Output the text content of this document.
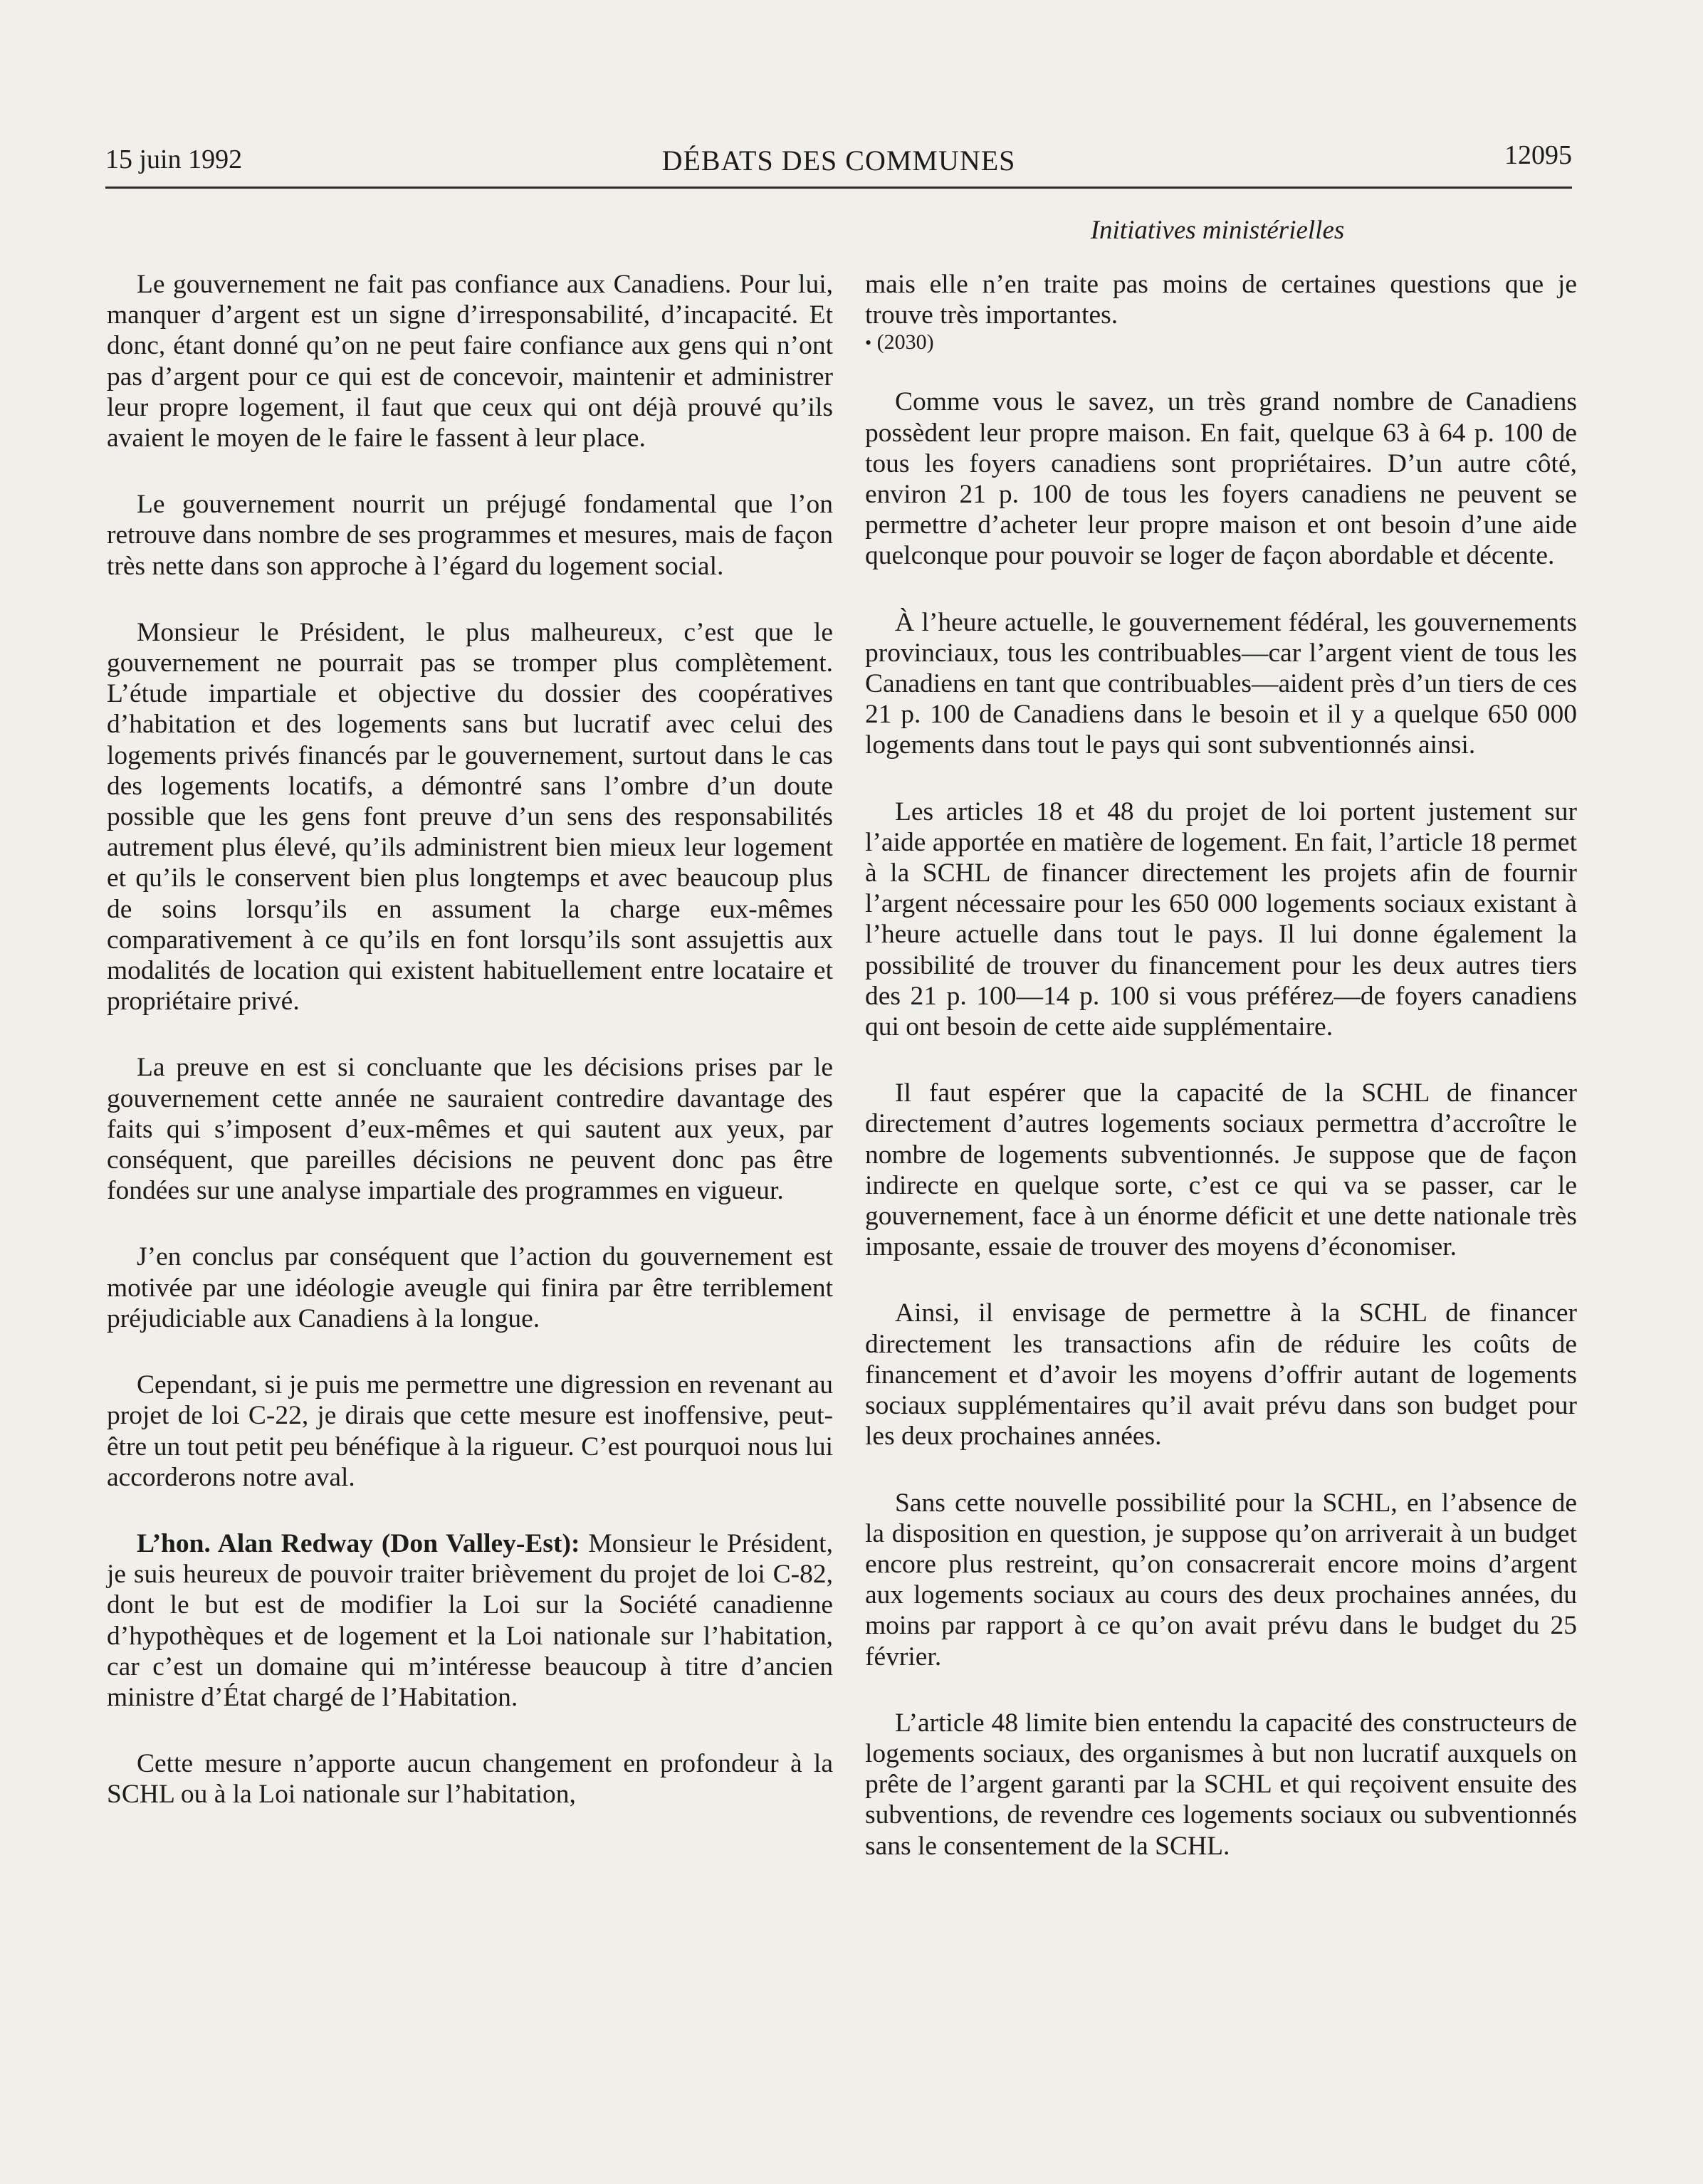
15 juin 1992	DÉBATS DES COMMUNES	12095
Initiatives ministérielles

Le gouvernement ne fait pas confiance aux Canadiens. Pour lui, manquer d’argent est un signe d’irresponsabilité, d’incapacité. Et donc, étant donné qu’on ne peut faire confiance aux gens qui n’ont pas d’argent pour ce qui est de concevoir, maintenir et administrer leur propre logement, il faut que ceux qui ont déjà prouvé qu’ils avaient le moyen de le faire le fassent à leur place.

Le gouvernement nourrit un préjugé fondamental que l’on retrouve dans nombre de ses programmes et mesures, mais de façon très nette dans son approche à l’égard du logement social.

Monsieur le Président, le plus malheureux, c’est que le gouvernement ne pourrait pas se tromper plus complètement. L’étude impartiale et objective du dossier des coopératives d’habitation et des logements sans but lucratif avec celui des logements privés financés par le gouvernement, surtout dans le cas des logements locatifs, a démontré sans l’ombre d’un doute possible que les gens font preuve d’un sens des responsabilités autrement plus élevé, qu’ils administrent bien mieux leur logement et qu’ils le conservent bien plus longtemps et avec beaucoup plus de soins lorsqu’ils en assument la charge eux-mêmes comparativement à ce qu’ils en font lorsqu’ils sont assujettis aux modalités de location qui existent habituellement entre locataire et propriétaire privé.

La preuve en est si concluante que les décisions prises par le gouvernement cette année ne sauraient contredire davantage des faits qui s’imposent d’eux-mêmes et qui sautent aux yeux, par conséquent, que pareilles décisions ne peuvent donc pas être fondées sur une analyse impartiale des programmes en vigueur.

J’en conclus par conséquent que l’action du gouvernement est motivée par une idéologie aveugle qui finira par être terriblement préjudiciable aux Canadiens à la longue.

Cependant, si je puis me permettre une digression en revenant au projet de loi C-22, je dirais que cette mesure est inoffensive, peut-être un tout petit peu bénéfique à la rigueur. C’est pourquoi nous lui accorderons notre aval.

L’hon. Alan Redway (Don Valley-Est): Monsieur le Président, je suis heureux de pouvoir traiter brièvement du projet de loi C-82, dont le but est de modifier la Loi sur la Société canadienne d’hypothèques et de logement et la Loi nationale sur l’habitation, car c’est un domaine qui m’intéresse beaucoup à titre d’ancien ministre d’État chargé de l’Habitation.

Cette mesure n’apporte aucun changement en profondeur à la SCHL ou à la Loi nationale sur l’habitation,

mais elle n’en traite pas moins de certaines questions que je trouve très importantes.

• (2030)

Comme vous le savez, un très grand nombre de Canadiens possèdent leur propre maison. En fait, quelque 63 à 64 p. 100 de tous les foyers canadiens sont propriétaires. D’un autre côté, environ 21 p. 100 de tous les foyers canadiens ne peuvent se permettre d’acheter leur propre maison et ont besoin d’une aide quelconque pour pouvoir se loger de façon abordable et décente.

À l’heure actuelle, le gouvernement fédéral, les gouvernements provinciaux, tous les contribuables—car l’argent vient de tous les Canadiens en tant que contribuables—aident près d’un tiers de ces 21 p. 100 de Canadiens dans le besoin et il y a quelque 650 000 logements dans tout le pays qui sont subventionnés ainsi.

Les articles 18 et 48 du projet de loi portent justement sur l’aide apportée en matière de logement. En fait, l’article 18 permet à la SCHL de financer directement les projets afin de fournir l’argent nécessaire pour les 650 000 logements sociaux existant à l’heure actuelle dans tout le pays. Il lui donne également la possibilité de trouver du financement pour les deux autres tiers des 21 p. 100—14 p. 100 si vous préférez—de foyers canadiens qui ont besoin de cette aide supplémentaire.

Il faut espérer que la capacité de la SCHL de financer directement d’autres logements sociaux permettra d’accroître le nombre de logements subventionnés. Je suppose que de façon indirecte en quelque sorte, c’est ce qui va se passer, car le gouvernement, face à un énorme déficit et une dette nationale très imposante, essaie de trouver des moyens d’économiser.

Ainsi, il envisage de permettre à la SCHL de financer directement les transactions afin de réduire les coûts de financement et d’avoir les moyens d’offrir autant de logements sociaux supplémentaires qu’il avait prévu dans son budget pour les deux prochaines années.

Sans cette nouvelle possibilité pour la SCHL, en l’absence de la disposition en question, je suppose qu’on arriverait à un budget encore plus restreint, qu’on consacrerait encore moins d’argent aux logements sociaux au cours des deux prochaines années, du moins par rapport à ce qu’on avait prévu dans le budget du 25 février.

L’article 48 limite bien entendu la capacité des constructeurs de logements sociaux, des organismes à but non lucratif auxquels on prête de l’argent garanti par la SCHL et qui reçoivent ensuite des subventions, de revendre ces logements sociaux ou subventionnés sans le consentement de la SCHL.
